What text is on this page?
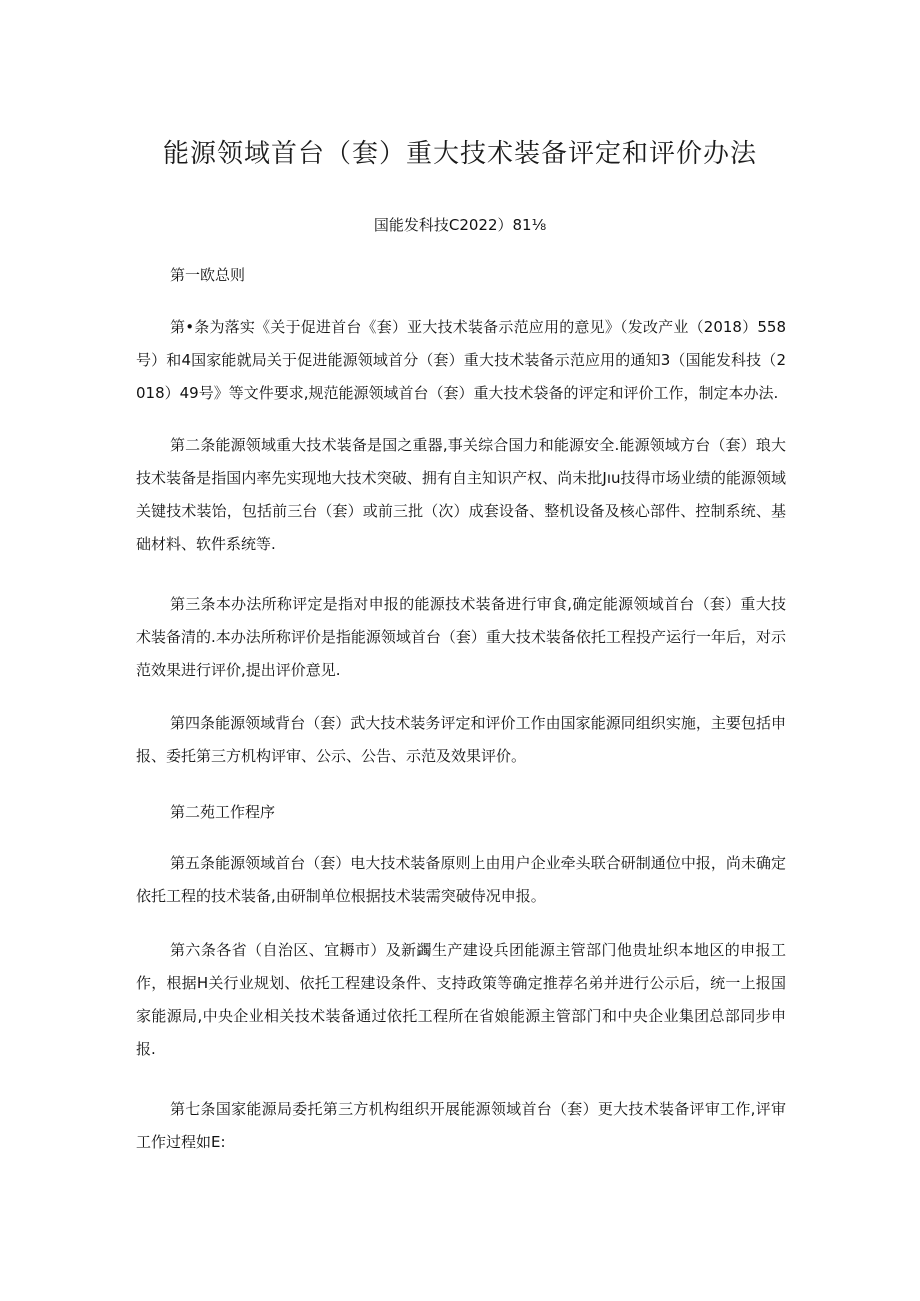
能源领域首台（套）重大技术装备评定和评价办法

国能发科技C2022）81⅛

第一欧总则

第•条为落实《关于促进首台《套）亚大技术装备示范应用的意见》（发改产业（2018）558号）和4国家能就局关于促进能源领域首分（套）重大技术装备示范应用的通知3（国能发科技（2018）49号》等文件要求,规范能源领域首台（套）重大技术袋备的评定和评价工作，制定本办法.

第二条能源领域重大技术装备是国之重器,事关综合国力和能源安全.能源领域方台（套）琅大技术装备是指国内率先实现地大技术突破、拥有自主知识产权、尚未批Jıu技得市场业绩的能源领域关键技术装饴，包括前三台（套）或前三批（次）成套设备、整机设备及核心部件、控制系统、基础材料、软件系统等.

第三条本办法所称评定是指对申报的能源技术装备进行审食,确定能源领域首台（套）重大技术装备清的.本办法所称评价是指能源领域首台（套）重大技术装备依托工程投产运行一年后，对示范效果进行评价,提出评价意见.

第四条能源领域背台（套）武大技术装务评定和评价工作由国家能源同组织实施，主要包括申报、委托第三方机构评审、公示、公告、示范及效果评价。

第二苑工作程序

第五条能源领域首台（套）电大技术装备原则上由用户企业牵头联合研制通位中报，尚未确定依托工程的技术装备,由研制单位根据技术装需突破侍况申报。

第六条各省（自治区、宜耨市）及新蠲生产建设兵团能源主管部门他贵址织本地区的申报工作，根据H关行业规划、依托工程建设条件、支持政策等确定推荐名弟并进行公示后，统一上报国家能源局,中央企业相关技术装备通过依托工程所在省娘能源主管部门和中央企业集团总部同步申报.

第七条国家能源局委托第三方机构组织开展能源领域首台（套）更大技术装备评审工作,评审工作过程如E:
